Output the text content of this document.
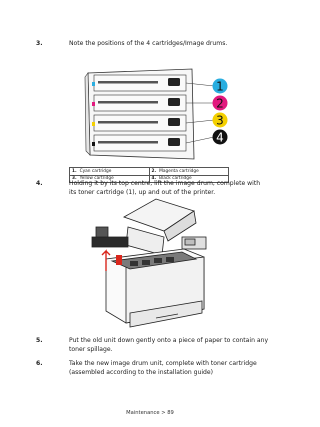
3.	Note the positions of the 4 cartridges/Image drums.
1
2
3
4
1. Cyan cartridge	2. Magenta cartridge
3. Yellow cartridge	4. Black cartridge
4.	Holding it by its top centre, lift the image drum, complete with its toner cartridge (1), up and out of the printer.
5.	Put the old unit down gently onto a piece of paper to contain any toner spillage.
6.	Take the new image drum unit, complete with toner cartridge (assembled according to the installation guide)
Maintenance > 89
